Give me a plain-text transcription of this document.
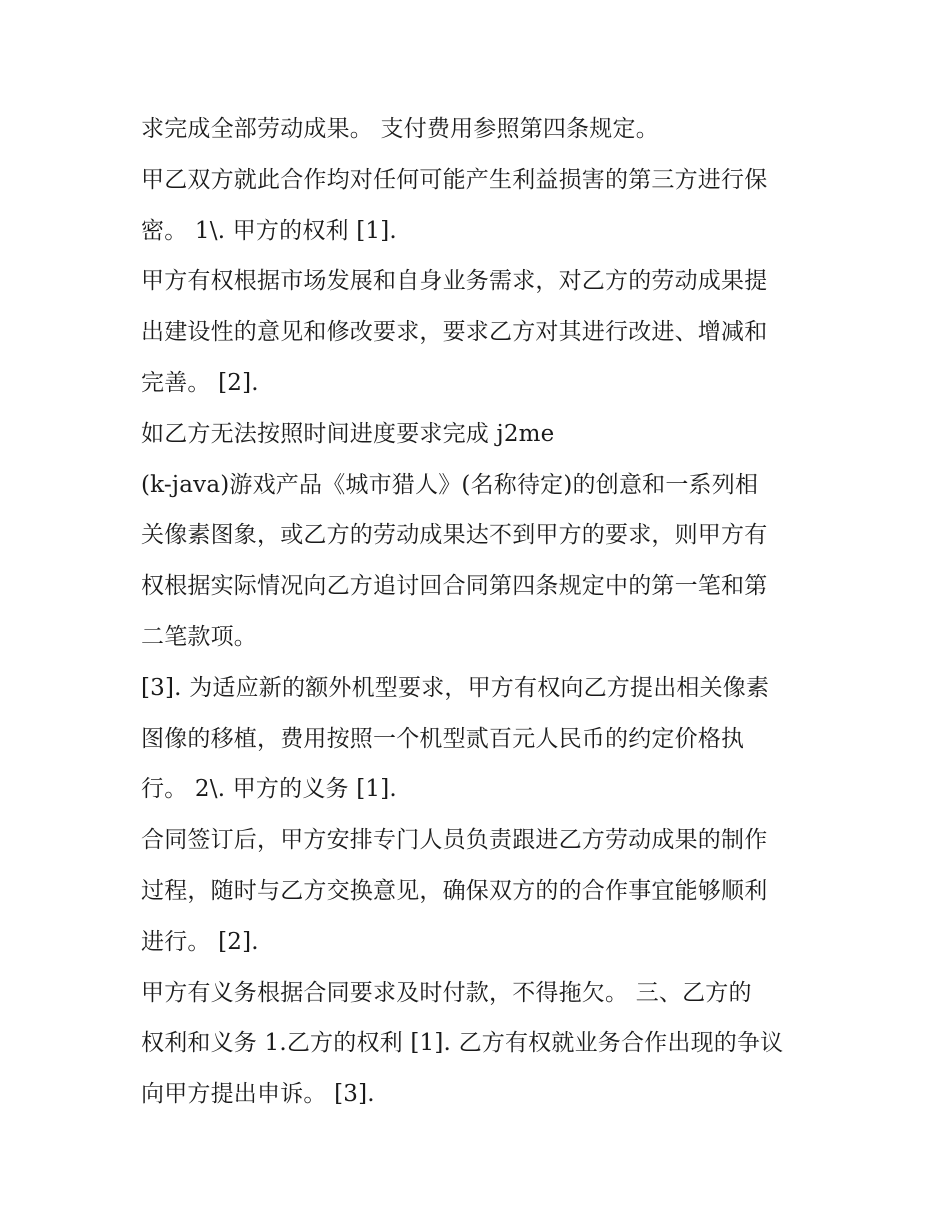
求完成全部劳动成果。 支付费用参照第四条规定。
甲乙双方就此合作均对任何可能产生利益损害的第三方进行保
密。 1\. 甲方的权利 [1].
甲方有权根据市场发展和自身业务需求，对乙方的劳动成果提
出建设性的意见和修改要求，要求乙方对其进行改进、增减和
完善。 [2].
如乙方无法按照时间进度要求完成 j2me
(k-java)游戏产品《城市猎人》(名称待定)的创意和一系列相
关像素图象，或乙方的劳动成果达不到甲方的要求，则甲方有
权根据实际情况向乙方追讨回合同第四条规定中的第一笔和第
二笔款项。
[3]. 为适应新的额外机型要求，甲方有权向乙方提出相关像素
图像的移植，费用按照一个机型贰百元人民币的约定价格执
行。 2\. 甲方的义务 [1].
合同签订后，甲方安排专门人员负责跟进乙方劳动成果的制作
过程，随时与乙方交换意见，确保双方的的合作事宜能够顺利
进行。 [2].
甲方有义务根据合同要求及时付款，不得拖欠。 三、乙方的
权利和义务 1.乙方的权利 [1]. 乙方有权就业务合作出现的争议
向甲方提出申诉。 [3].
